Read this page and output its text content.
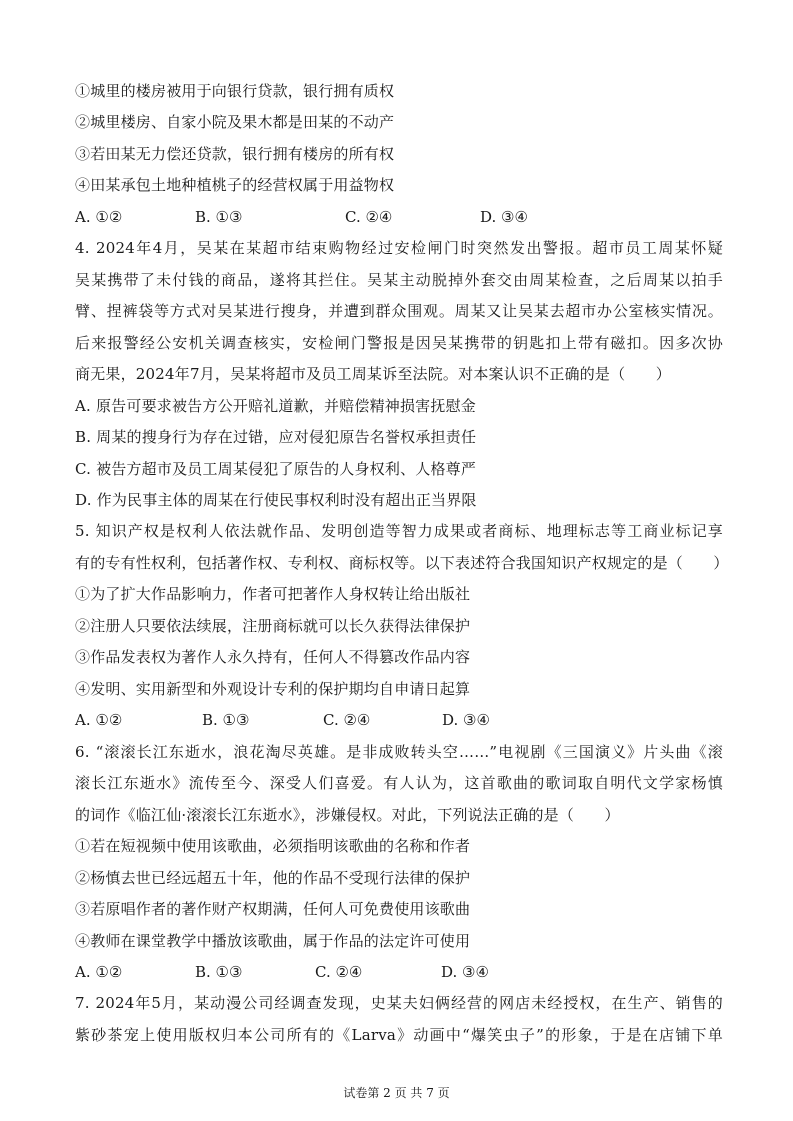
①城里的楼房被用于向银行贷款，银行拥有质权
②城里楼房、自家小院及果木都是田某的不动产
③若田某无力偿还贷款，银行拥有楼房的所有权
④田某承包土地种植桃子的经营权属于用益物权
A. ①②	B. ①③	C. ②④	D. ③④
4. 2024年4月，吴某在某超市结束购物经过安检闸门时突然发出警报。超市员工周某怀疑
吴某携带了未付钱的商品，遂将其拦住。吴某主动脱掉外套交由周某检查，之后周某以拍手
臂、捏裤袋等方式对吴某进行搜身，并遭到群众围观。周某又让吴某去超市办公室核实情况。
后来报警经公安机关调查核实，安检闸门警报是因吴某携带的钥匙扣上带有磁扣。因多次协
商无果，2024年7月，吴某将超市及员工周某诉至法院。对本案认识不正确的是（　　）
A. 原告可要求被告方公开赔礼道歉，并赔偿精神损害抚慰金
B. 周某的搜身行为存在过错，应对侵犯原告名誉权承担责任
C. 被告方超市及员工周某侵犯了原告的人身权利、人格尊严
D. 作为民事主体的周某在行使民事权利时没有超出正当界限
5. 知识产权是权利人依法就作品、发明创造等智力成果或者商标、地理标志等工商业标记享
有的专有性权利，包括著作权、专利权、商标权等。以下表述符合我国知识产权规定的是（　　）
①为了扩大作品影响力，作者可把著作人身权转让给出版社
②注册人只要依法续展，注册商标就可以长久获得法律保护
③作品发表权为著作人永久持有，任何人不得篡改作品内容
④发明、实用新型和外观设计专利的保护期均自申请日起算
A. ①②	B. ①③	C. ②④	D. ③④
6. “滚滚长江东逝水，浪花淘尽英雄。是非成败转头空……”电视剧《三国演义》片头曲《滚
滚长江东逝水》流传至今、深受人们喜爱。有人认为，这首歌曲的歌词取自明代文学家杨慎
的词作《临江仙·滚滚长江东逝水》，涉嫌侵权。对此，下列说法正确的是（　　）
①若在短视频中使用该歌曲，必须指明该歌曲的名称和作者
②杨慎去世已经远超五十年，他的作品不受现行法律的保护
③若原唱作者的著作财产权期满，任何人可免费使用该歌曲
④教师在课堂教学中播放该歌曲，属于作品的法定许可使用
A. ①②	B. ①③	C. ②④	D. ③④
7. 2024年5月，某动漫公司经调查发现，史某夫妇俩经营的网店未经授权，在生产、销售的
紫砂茶宠上使用版权归本公司所有的《Larva》动画中“爆笑虫子”的形象，于是在店铺下单
试卷第 2 页 共 7 页
